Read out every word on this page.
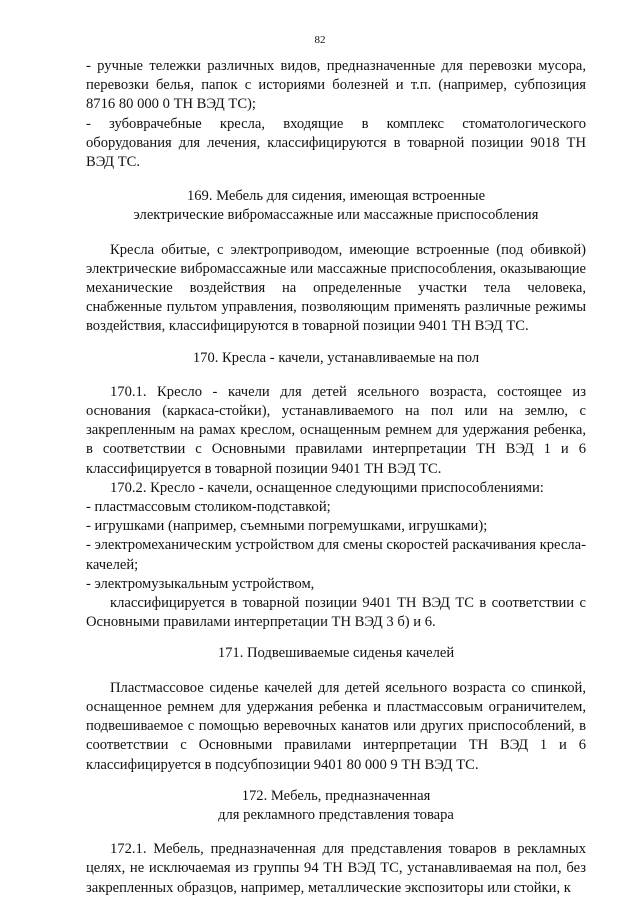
82

- ручные тележки различных видов, предназначенные для перевозки мусора, перевозки белья, папок с историями болезней и т.п. (например, субпозиция 8716 80 000 0 ТН ВЭД ТС);

- зубоврачебные кресла, входящие в комплекс стоматологического оборудования для лечения, классифицируются в товарной позиции 9018 ТН ВЭД ТС.

169. Мебель для сидения, имеющая встроенные
электрические вибромассажные или массажные приспособления

Кресла обитые, с электроприводом, имеющие встроенные (под обивкой) электрические вибромассажные или массажные приспособления, оказывающие механические воздействия на определенные участки тела человека, снабженные пультом управления, позволяющим применять различные режимы воздействия, классифицируются в товарной позиции 9401 ТН ВЭД ТС.

170. Кресла - качели, устанавливаемые на пол

170.1. Кресло - качели для детей ясельного возраста, состоящее из основания (каркаса-стойки), устанавливаемого на пол или на землю, с закрепленным на рамах креслом, оснащенным ремнем для удержания ребенка, в соответствии с Основными правилами интерпретации ТН ВЭД 1 и 6 классифицируется в товарной позиции 9401 ТН ВЭД ТС.

170.2. Кресло - качели, оснащенное следующими приспособлениями:

- пластмассовым столиком-подставкой;

- игрушками (например, съемными погремушками, игрушками);

- электромеханическим устройством для смены скоростей раскачивания кресла-качелей;

- электромузыкальным устройством,

классифицируется в товарной позиции 9401 ТН ВЭД ТС в соответствии с Основными правилами интерпретации ТН ВЭД 3 б) и 6.

171. Подвешиваемые сиденья качелей

Пластмассовое сиденье качелей для детей ясельного возраста со спинкой, оснащенное ремнем для удержания ребенка и пластмассовым ограничителем, подвешиваемое с помощью веревочных канатов или других приспособлений, в соответствии с Основными правилами интерпретации ТН ВЭД 1 и 6 классифицируется в подсубпозиции 9401 80 000 9 ТН ВЭД ТС.

172. Мебель, предназначенная
для рекламного представления товара

172.1. Мебель, предназначенная для представления товаров в рекламных целях, не исключаемая из группы 94 ТН ВЭД ТС, устанавливаемая на пол, без закрепленных образцов, например, металлические экспозиторы или стойки, к
